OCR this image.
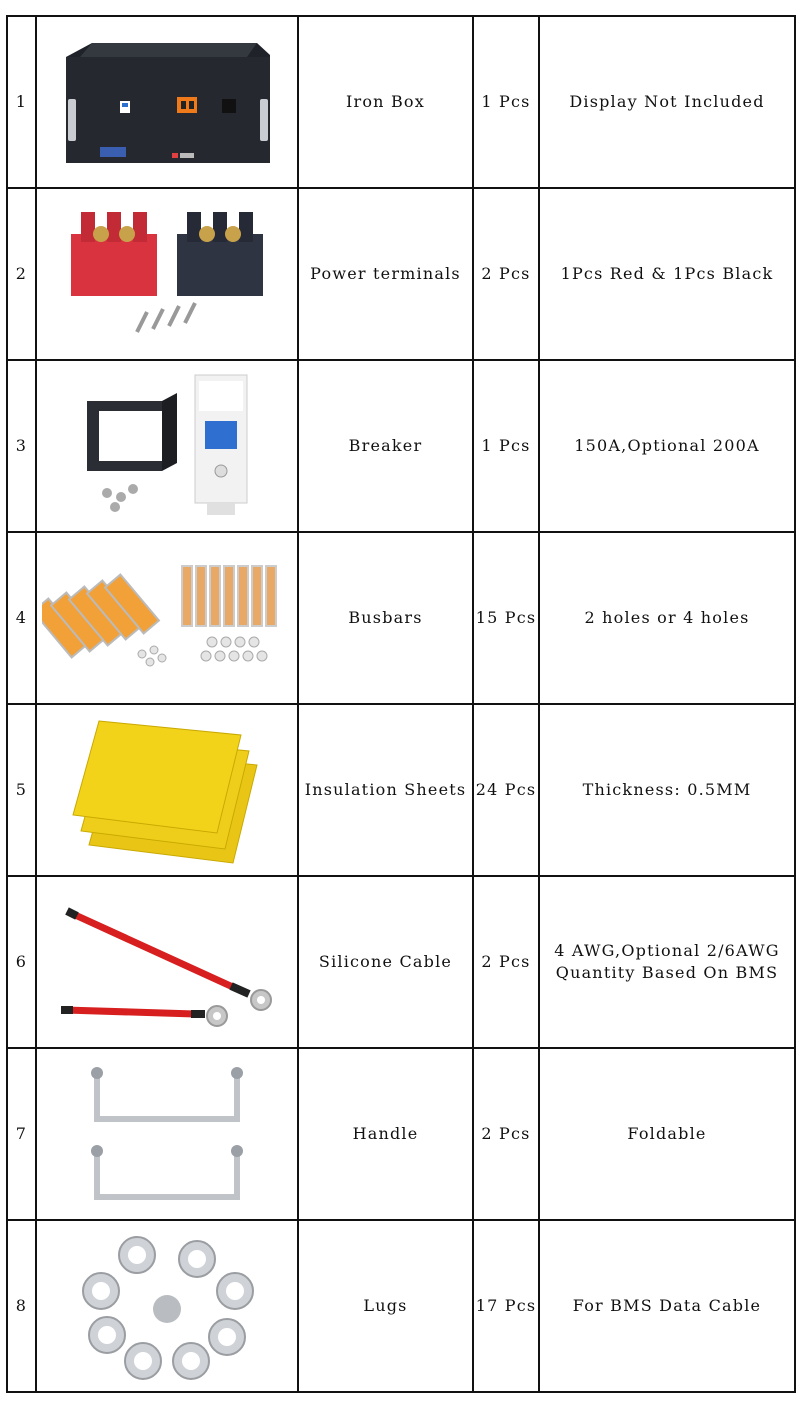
1		Iron Box	1 Pcs	Display Not Included

2		Power terminals	2 Pcs	1Pcs Red & 1Pcs Black

3		Breaker	1 Pcs	150A,Optional 200A

4		Busbars	15 Pcs	2 holes or 4 holes

5		Insulation Sheets	24 Pcs	Thickness: 0.5MM

6		Silicone Cable	2 Pcs	4 AWG,Optional 2/6AWG
Quantity Based On BMS

7		Handle	2 Pcs	Foldable

8		Lugs	17 Pcs	For BMS Data Cable
